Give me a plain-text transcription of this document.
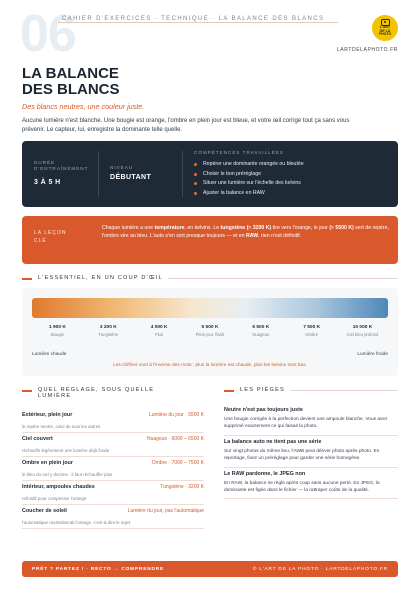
06
CAHIER D'EXERCICES · TECHNIQUE · LA BALANCE DES BLANCS
L'ART
DE LA
PHOTO
LARTDELAPHOTO.FR
LA BALANCE
DES BLANCS
Des blancs neutres, une couleur juste.

Aucune lumière n'est blanche. Une bougie est orange, l'ombre en plein jour est bleue, et votre œil corrige tout ça sans vous prévenir. Le capteur, lui, enregistre la dominante telle quelle.

DURÉE
D'ENTRAÎNEMENT
3 À 5 H
NIVEAU
DÉBUTANT
COMPÉTENCES TRAVAILLÉES
Repérer une dominante orangée ou bleutée
Choisir le bon préréglage
Situer une lumière sur l'échelle des kelvins
Ajuster la balance en RAW
LA LEÇON
CLÉ

Chaque lumière a une température, en kelvins. Le tungstène (≈ 3200 K) tire vers l'orange, le jour (≈ 5500 K) sert de repère, l'ombre vire au bleu. L'auto s'en sort presque toujours — et en RAW, rien n'est définitif.

L'ESSENTIEL, EN UN COUP D'ŒIL
1 900 K
Bougie
3 200 K
Tungstène
4 000 K
Fluo
5 500 K
Plein jour, flash
6 500 K
Nuageux
7 500 K
Ombre
10 000 K
Ciel bleu profond
Lumière chaude	Lumière froide
Les chiffres vont à l'inverse des mots : plus la lumière est chaude, plus les kelvins sont bas.
QUEL RÉGLAGE, SOUS QUELLE
LUMIÈRE
Extérieur, plein jour	Lumière du jour · 5500 K
le repère neutre, celui de tous les autres
Ciel couvert	Nuageux · 6000 – 6500 K
réchauffe légèrement une lumière déjà froide
Ombre en plein jour	Ombre · 7000 – 7500 K
le bleu du ciel y domine : il faut réchauffer plus
Intérieur, ampoules chaudes	Tungstène · 3200 K
refroidit pour compenser l'orange
Coucher de soleil	Lumière du jour, pas l'automatique
l'automatique neutraliserait l'orange, c'est-à-dire le sujet
LES PIÈGES
Neutre n'est pas toujours juste
Une bougie corrigée à la perfection devient une ampoule blanche. Vous avez supprimé exactement ce qui faisait la photo.
La balance auto ne tient pas une série
Sur vingt photos du même lieu, l'AWB peut dériver photo après photo. En reportage, fixez un préréglage pour garder une série homogène.
Le RAW pardonne, le JPEG non
En RAW, la balance se règle après coup sans aucune perte. En JPEG, la dominante est figée dans le fichier — la rattraper coûte de la qualité.
PRÊT ? PARTEZ ! · RECTO → COMPRENDRE	© L'ART DE LA PHOTO · LARTDELAPHOTO.FR
